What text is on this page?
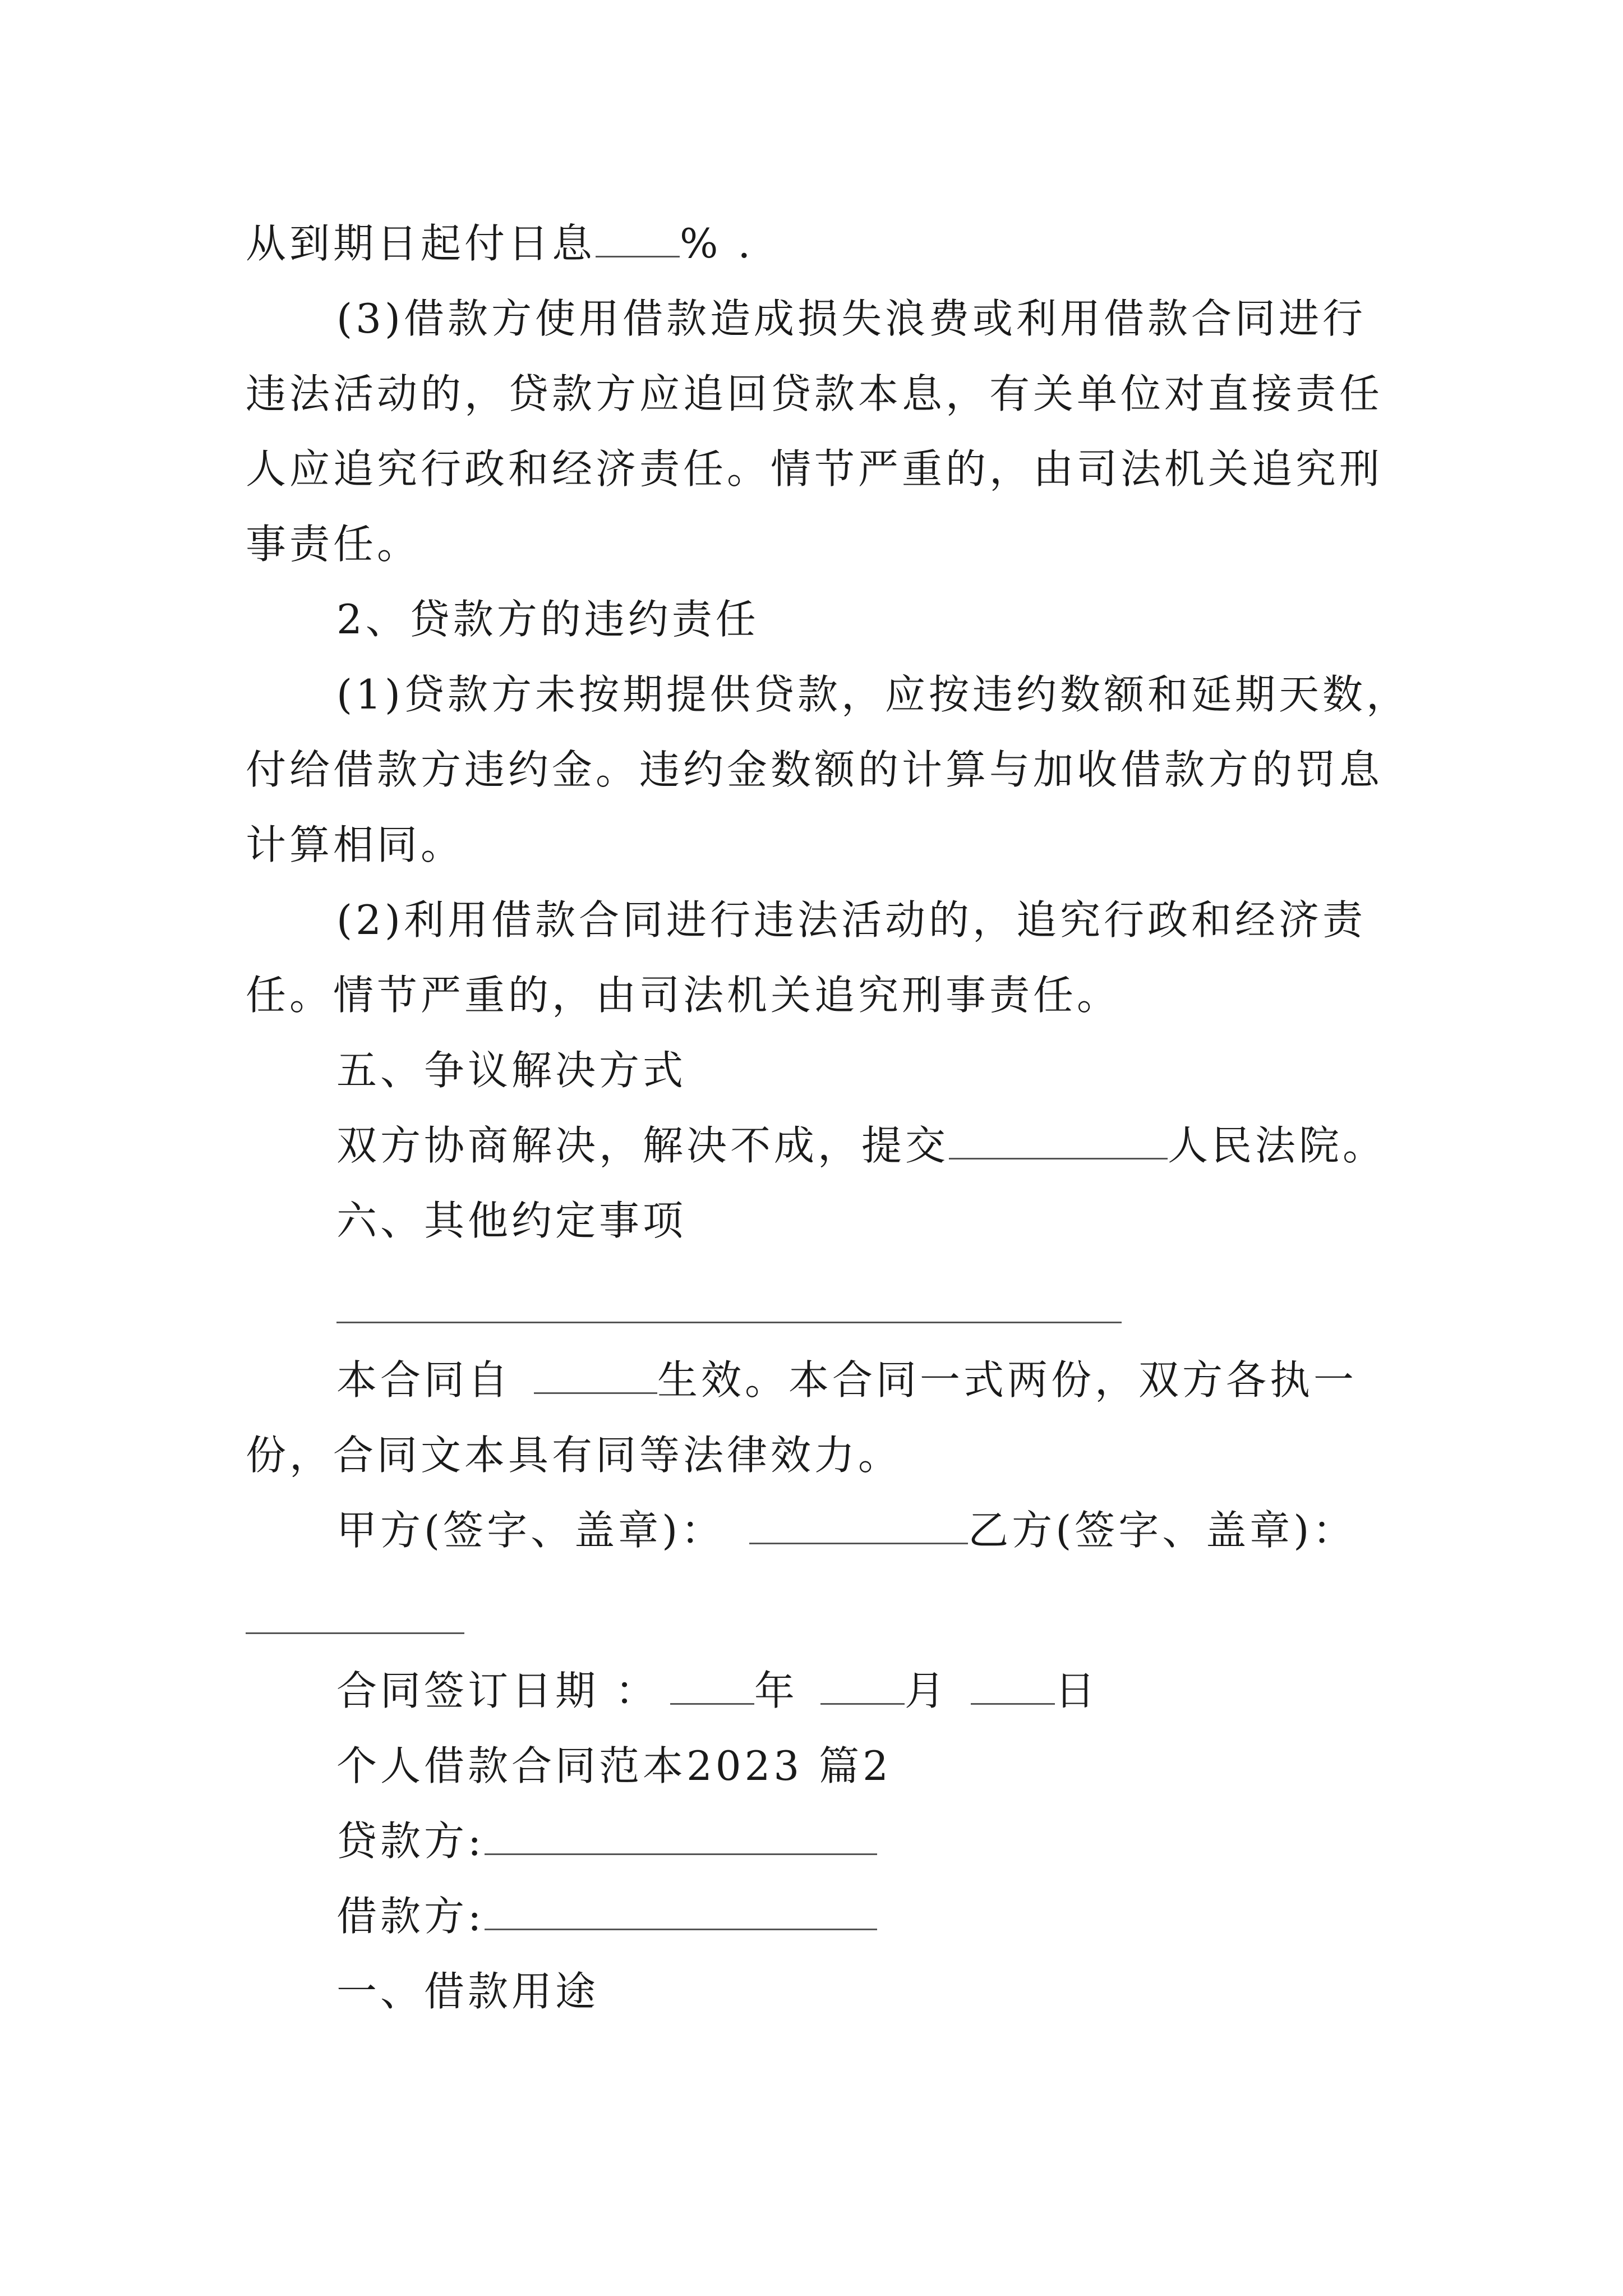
从到期日起付日息 % .
(3)借款方使用借款造成损失浪费或利用借款合同进行
违法活动的，贷款方应追回贷款本息，有关单位对直接责任
人应追究行政和经济责任。情节严重的，由司法机关追究刑
事责任。
2、贷款方的违约责任
(1)贷款方未按期提供贷款，应按违约数额和延期天数，
付给借款方违约金。违约金数额的计算与加收借款方的罚息
计算相同。
(2)利用借款合同进行违法活动的，追究行政和经济责
任。情节严重的，由司法机关追究刑事责任。
五、争议解决方式
双方协商解决，解决不成，提交	人民法院。
六、其他约定事项
本合同自	生效。本合同一式两份，双方各执一
份，合同文本具有同等法律效力。
甲方(签字、盖章)：	乙方(签字、盖章)：
合同签订日期 ： 年	月	日
个人借款合同范本2023 篇2
贷款方:
借款方:
一、借款用途
